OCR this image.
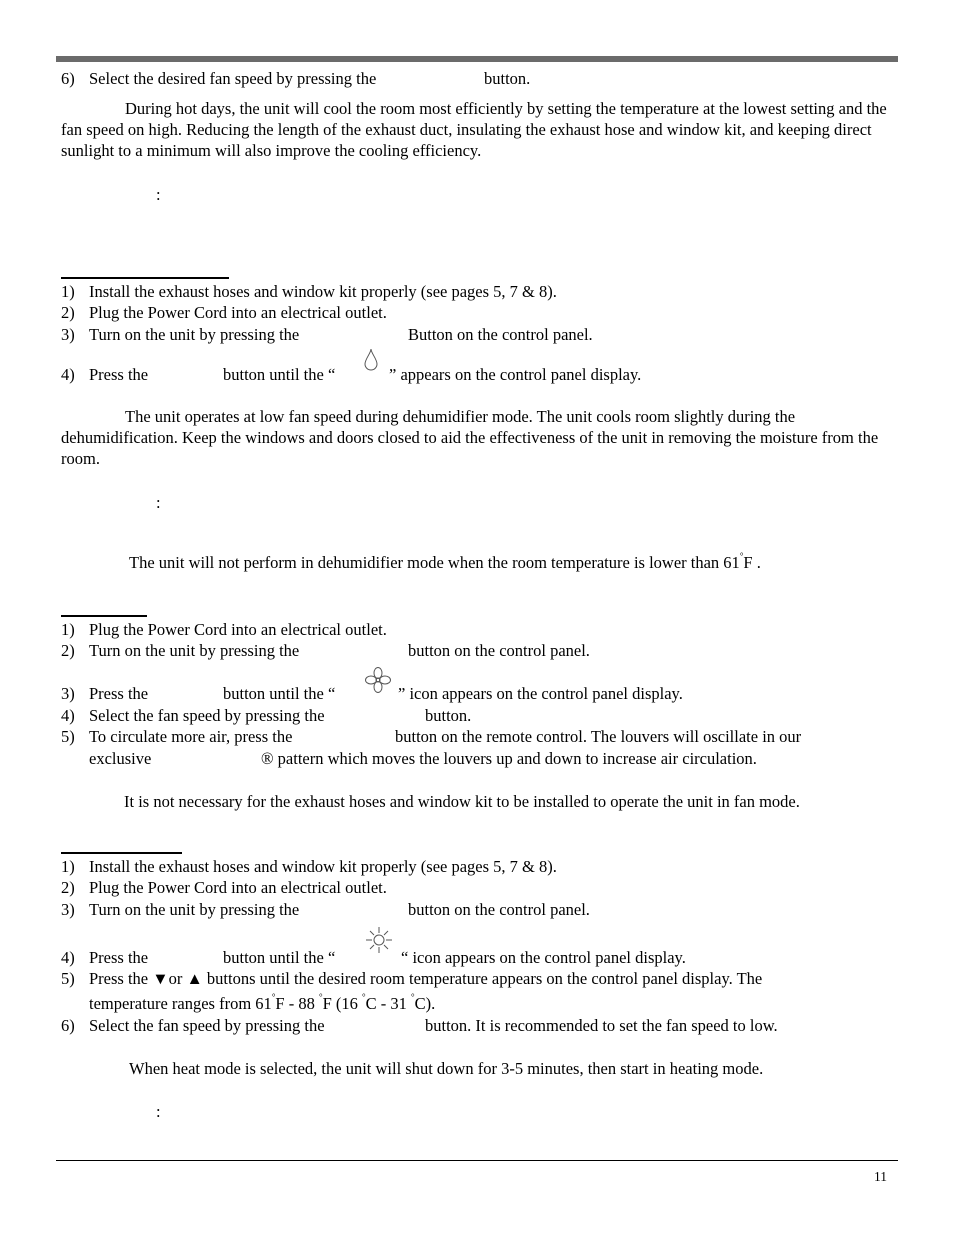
6) Select the desired fan speed by pressing the	button.
During hot days, the unit will cool the room most efficiently by setting the temperature at the lowest setting and the fan speed on high. Reducing the length of the exhaust duct, insulating the exhaust hose and window kit, and keeping direct sunlight to a minimum will also improve the cooling efficiency.
:
1) Install the exhaust hoses and window kit properly (see pages 5, 7 & 8).
2) Plug the Power Cord into an electrical outlet.
3) Turn on the unit by pressing the	Button on the control panel.
4) Press the	button until the “	” appears on the control panel display.
The unit operates at low fan speed during dehumidifier mode. The unit cools room slightly during the dehumidification. Keep the windows and doors closed to aid the effectiveness of the unit in removing the moisture from the room.
:
The unit will not perform in dehumidifier mode when the room temperature is lower than 61°F .
1) Plug the Power Cord into an electrical outlet.
2) Turn on the unit by pressing the	button on the control panel.
3) Press the	button until the “	” icon appears on the control panel display.
4) Select the fan speed by pressing the	button.
5) To circulate more air, press the	button on the remote control. The louvers will oscillate in our
exclusive	® pattern which moves the louvers up and down to increase air circulation.
It is not necessary for the exhaust hoses and window kit to be installed to operate the unit in fan mode.
1) Install the exhaust hoses and window kit properly (see pages 5, 7 & 8).
2) Plug the Power Cord into an electrical outlet.
3) Turn on the unit by pressing the	button on the control panel.
4) Press the	button until the “	“ icon appears on the control panel display.
5) Press the ▼or ▲ buttons until the desired room temperature appears on the control panel display. The
temperature ranges from 61°F - 88 °F (16 °C - 31 °C).
6) Select the fan speed by pressing the	button. It is recommended to set the fan speed to low.
When heat mode is selected, the unit will shut down for 3-5 minutes, then start in heating mode.
:
11
